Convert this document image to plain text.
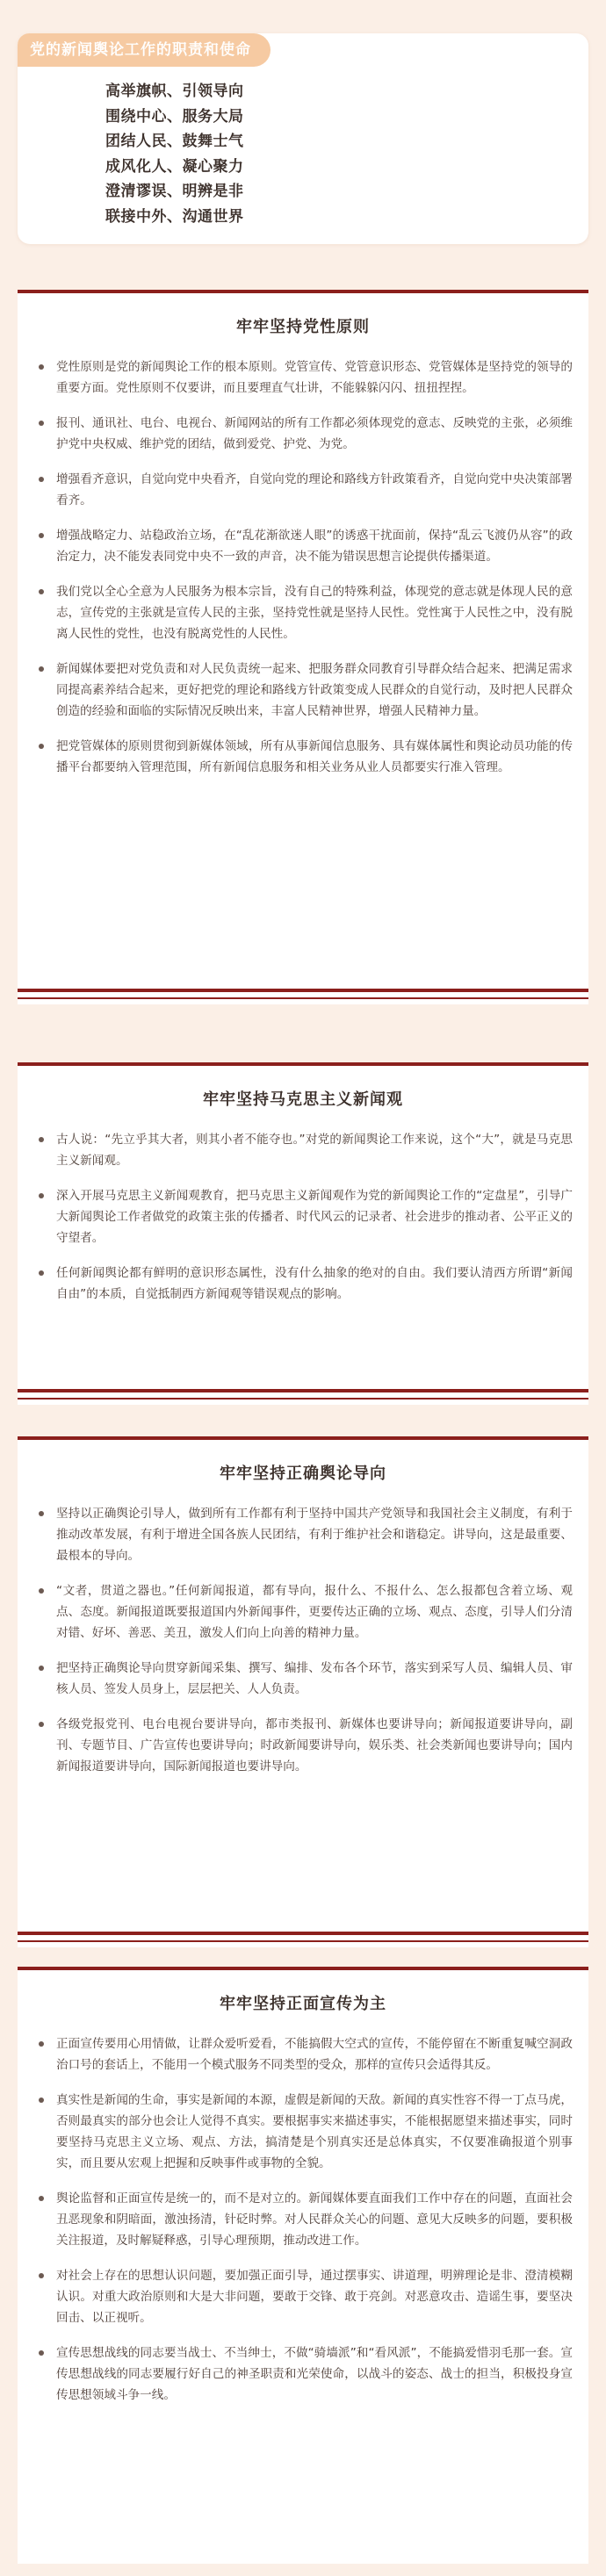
党的新闻舆论工作的职责和使命
高举旗帜、引领导向
围绕中心、服务大局
团结人民、鼓舞士气
成风化人、凝心聚力
澄清谬误、明辨是非
联接中外、沟通世界
牢牢坚持党性原则
党性原则是党的新闻舆论工作的根本原则。党管宣传、党管意识形态、党管媒体是坚持党的领导的重要方面。党性原则不仅要讲，而且要理直气壮讲，不能躲躲闪闪、扭扭捏捏。
报刊、通讯社、电台、电视台、新闻网站的所有工作都必须体现党的意志、反映党的主张，必须维护党中央权威、维护党的团结，做到爱党、护党、为党。
增强看齐意识，自觉向党中央看齐，自觉向党的理论和路线方针政策看齐，自觉向党中央决策部署看齐。
增强战略定力、站稳政治立场，在“乱花渐欲迷人眼”的诱惑干扰面前，保持“乱云飞渡仍从容”的政治定力，决不能发表同党中央不一致的声音，决不能为错误思想言论提供传播渠道。
我们党以全心全意为人民服务为根本宗旨，没有自己的特殊利益，体现党的意志就是体现人民的意志，宣传党的主张就是宣传人民的主张，坚持党性就是坚持人民性。党性寓于人民性之中，没有脱离人民性的党性，也没有脱离党性的人民性。
新闻媒体要把对党负责和对人民负责统一起来、把服务群众同教育引导群众结合起来、把满足需求同提高素养结合起来，更好把党的理论和路线方针政策变成人民群众的自觉行动，及时把人民群众创造的经验和面临的实际情况反映出来，丰富人民精神世界，增强人民精神力量。
把党管媒体的原则贯彻到新媒体领域，所有从事新闻信息服务、具有媒体属性和舆论动员功能的传播平台都要纳入管理范围，所有新闻信息服务和相关业务从业人员都要实行准入管理。
牢牢坚持马克思主义新闻观
古人说：“先立乎其大者，则其小者不能夺也。”对党的新闻舆论工作来说，这个“大”，就是马克思主义新闻观。
深入开展马克思主义新闻观教育，把马克思主义新闻观作为党的新闻舆论工作的“定盘星”，引导广大新闻舆论工作者做党的政策主张的传播者、时代风云的记录者、社会进步的推动者、公平正义的守望者。
任何新闻舆论都有鲜明的意识形态属性，没有什么抽象的绝对的自由。我们要认清西方所谓“新闻自由”的本质，自觉抵制西方新闻观等错误观点的影响。
牢牢坚持正确舆论导向
坚持以正确舆论引导人，做到所有工作都有利于坚持中国共产党领导和我国社会主义制度，有利于推动改革发展，有利于增进全国各族人民团结，有利于维护社会和谐稳定。讲导向，这是最重要、最根本的导向。
“文者，贯道之器也。”任何新闻报道，都有导向，报什么、不报什么、怎么报都包含着立场、观点、态度。新闻报道既要报道国内外新闻事件，更要传达正确的立场、观点、态度，引导人们分清对错、好坏、善恶、美丑，激发人们向上向善的精神力量。
把坚持正确舆论导向贯穿新闻采集、撰写、编排、发布各个环节，落实到采写人员、编辑人员、审核人员、签发人员身上，层层把关、人人负责。
各级党报党刊、电台电视台要讲导向，都市类报刊、新媒体也要讲导向；新闻报道要讲导向，副刊、专题节目、广告宣传也要讲导向；时政新闻要讲导向，娱乐类、社会类新闻也要讲导向；国内新闻报道要讲导向，国际新闻报道也要讲导向。
牢牢坚持正面宣传为主
正面宣传要用心用情做，让群众爱听爱看，不能搞假大空式的宣传，不能停留在不断重复喊空洞政治口号的套话上，不能用一个模式服务不同类型的受众，那样的宣传只会适得其反。
真实性是新闻的生命，事实是新闻的本源，虚假是新闻的天敌。新闻的真实性容不得一丁点马虎，否则最真实的部分也会让人觉得不真实。要根据事实来描述事实，不能根据愿望来描述事实，同时要坚持马克思主义立场、观点、方法，搞清楚是个别真实还是总体真实，不仅要准确报道个别事实，而且要从宏观上把握和反映事件或事物的全貌。
舆论监督和正面宣传是统一的，而不是对立的。新闻媒体要直面我们工作中存在的问题，直面社会丑恶现象和阴暗面，激浊扬清，针砭时弊。对人民群众关心的问题、意见大反映多的问题，要积极关注报道，及时解疑释惑，引导心理预期，推动改进工作。
对社会上存在的思想认识问题，要加强正面引导，通过摆事实、讲道理，明辨理论是非、澄清模糊认识。对重大政治原则和大是大非问题，要敢于交锋、敢于亮剑。对恶意攻击、造谣生事，要坚决回击、以正视听。
宣传思想战线的同志要当战士、不当绅士，不做“骑墙派”和“看风派”，不能搞爱惜羽毛那一套。宣传思想战线的同志要履行好自己的神圣职责和光荣使命，以战斗的姿态、战士的担当，积极投身宣传思想领域斗争一线。
